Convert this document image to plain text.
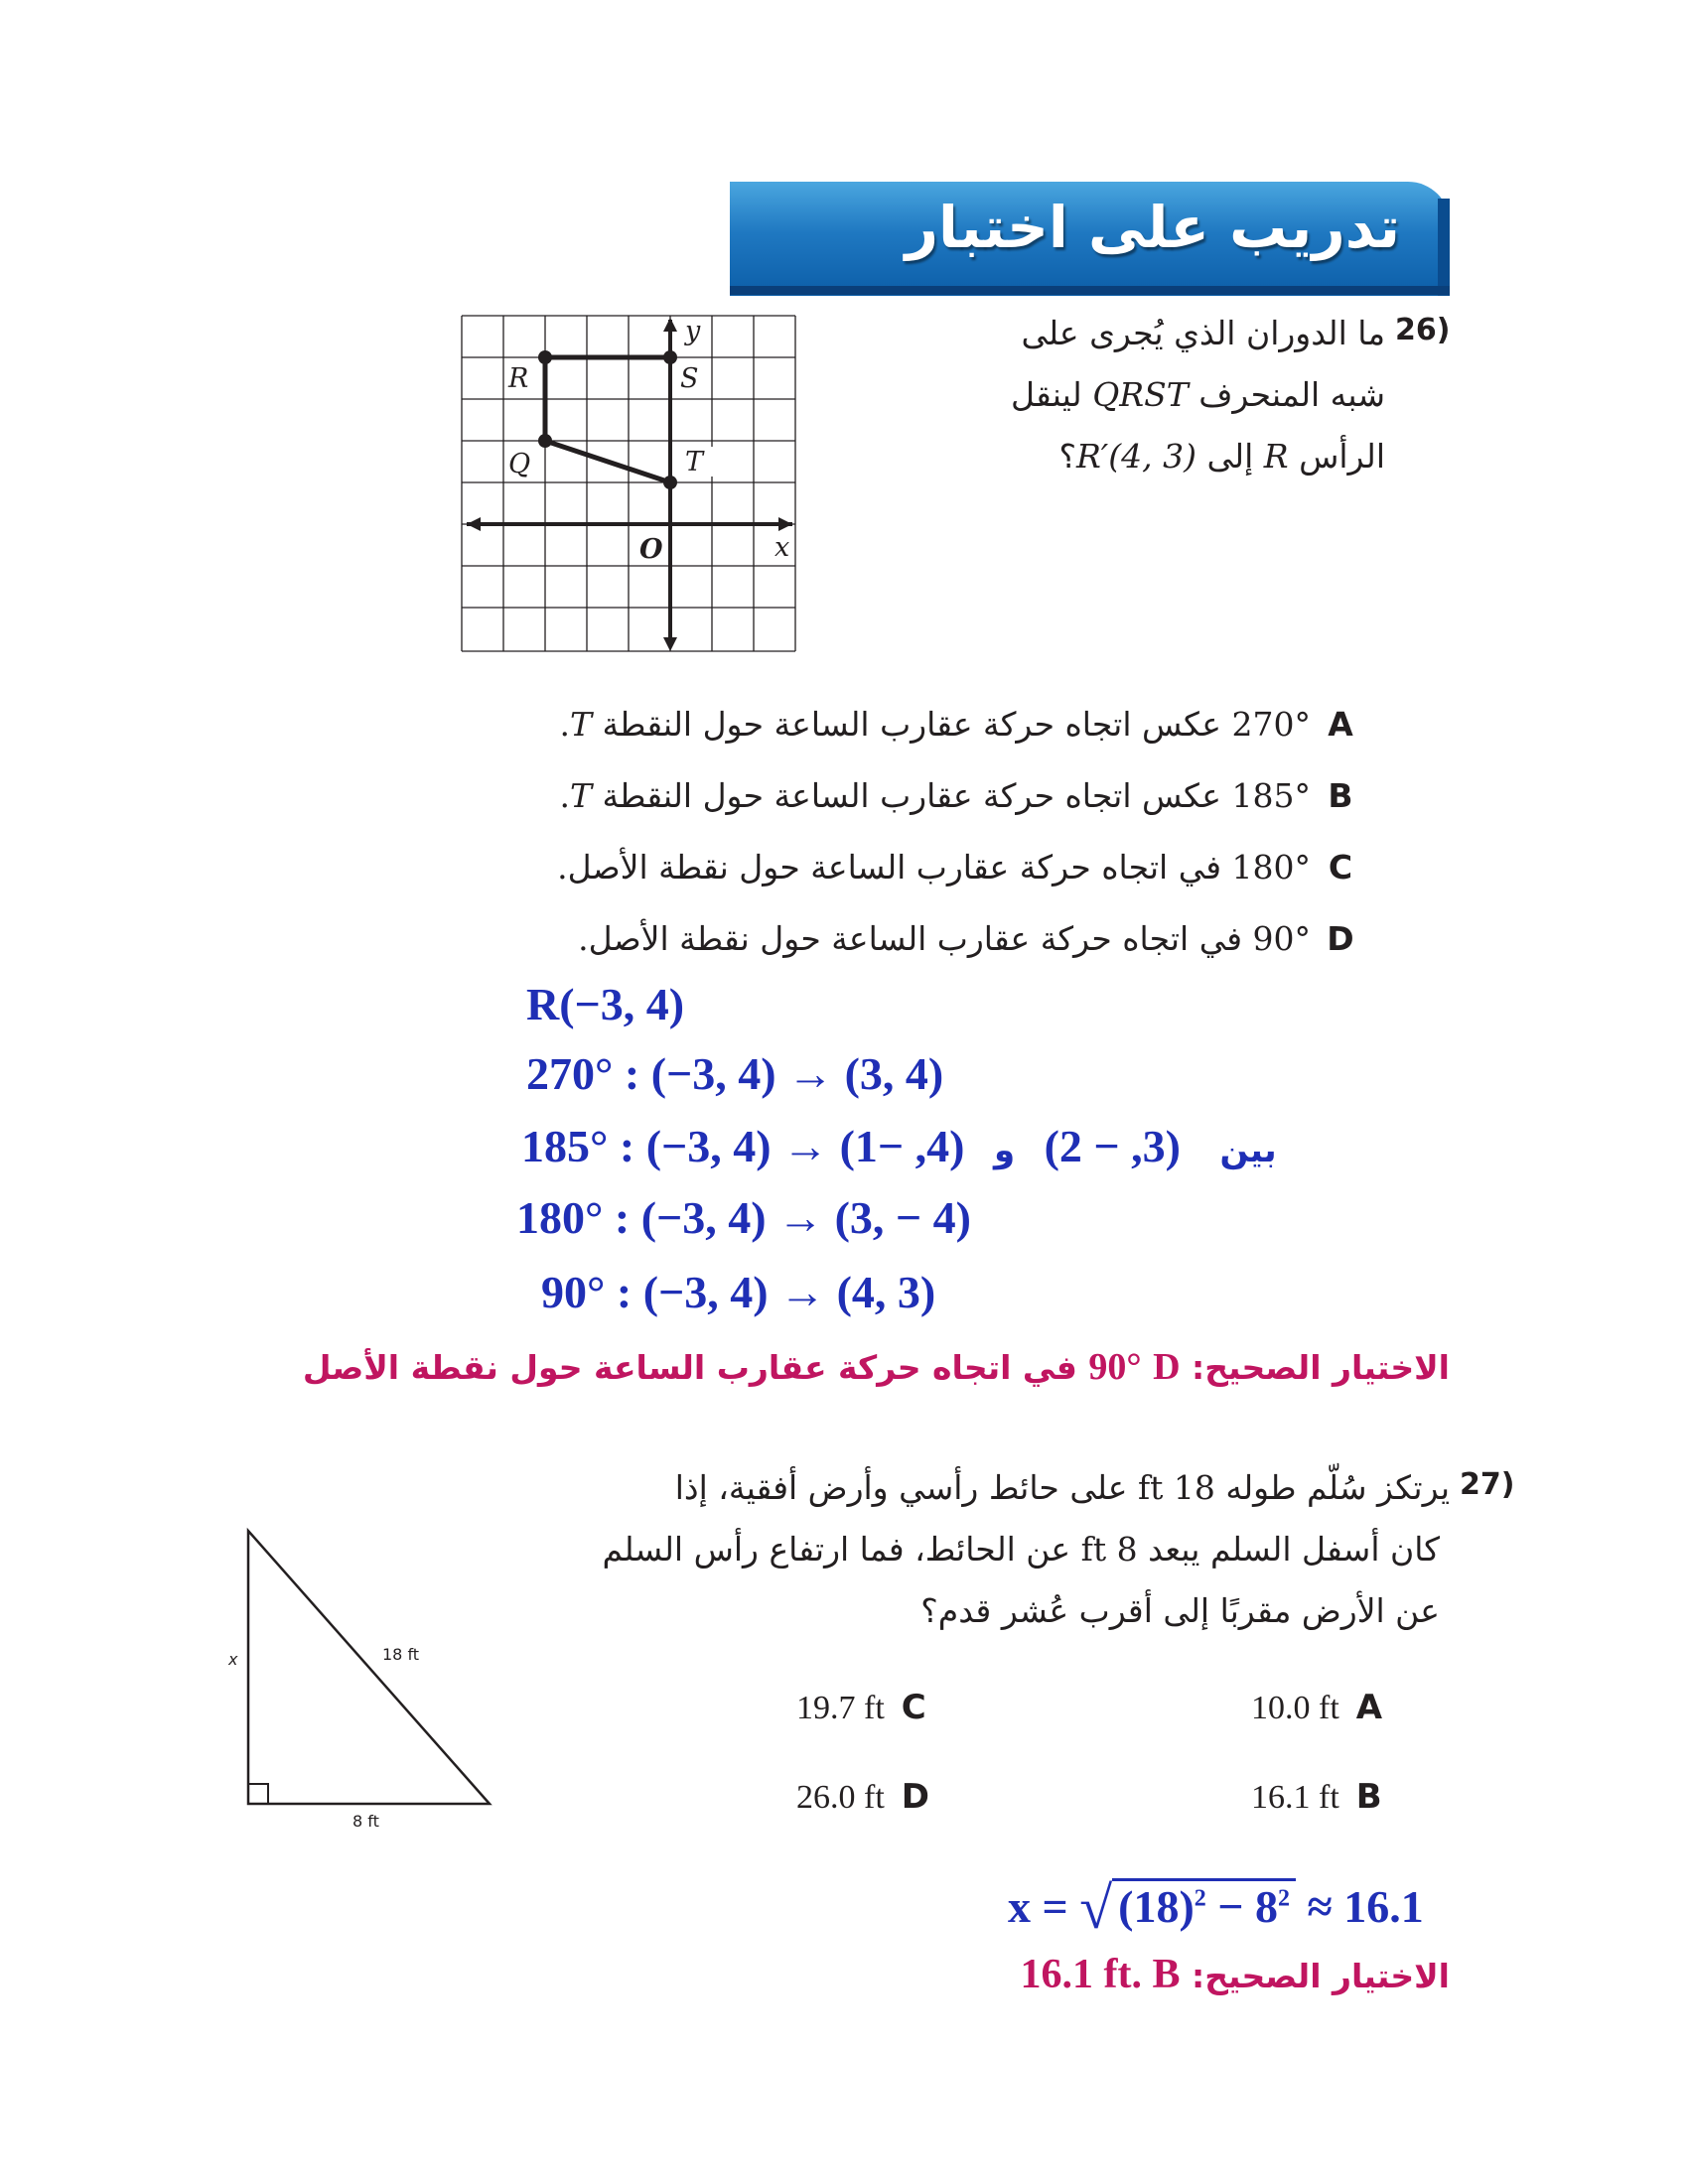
تدريب على اختبار
R	S
Q	T
y
x
O
26)
ما الدوران الذي يُجرى على
شبه المنحرف QRST لينقل
الرأس R إلى R′(4, 3)؟
A270° عكس اتجاه حركة عقارب الساعة حول النقطة T.
B185° عكس اتجاه حركة عقارب الساعة حول النقطة T.
C180° في اتجاه حركة عقارب الساعة حول نقطة الأصل.
D90° في اتجاه حركة عقارب الساعة حول نقطة الأصل.
R(−3, 4)
270° : (−3, 4) → (3, 4)
185° : (−3, 4) →	بين (3, − 2) و (4, −1)
180° : (−3, 4) → (3, − 4)
90° : (−3, 4) → (4, 3)
الاختيار الصحيح: D 90° في اتجاه حركة عقارب الساعة حول نقطة الأصل
27)
يرتكز سُلّم طوله 18 ft على حائط رأسي وأرض أفقية، إذا
كان أسفل السلم يبعد 8 ft عن الحائط، فما ارتفاع رأس السلم
عن الأرض مقربًا إلى أقرب عُشر قدم؟
x	18 ft
8 ft
10.0 ft A
16.1 ft B
19.7 ft C
26.0 ft D
x = √ $(18)^2 - 8^2 \approx 16.1$
الاختيار الصحيح: 16.1 ft. B
